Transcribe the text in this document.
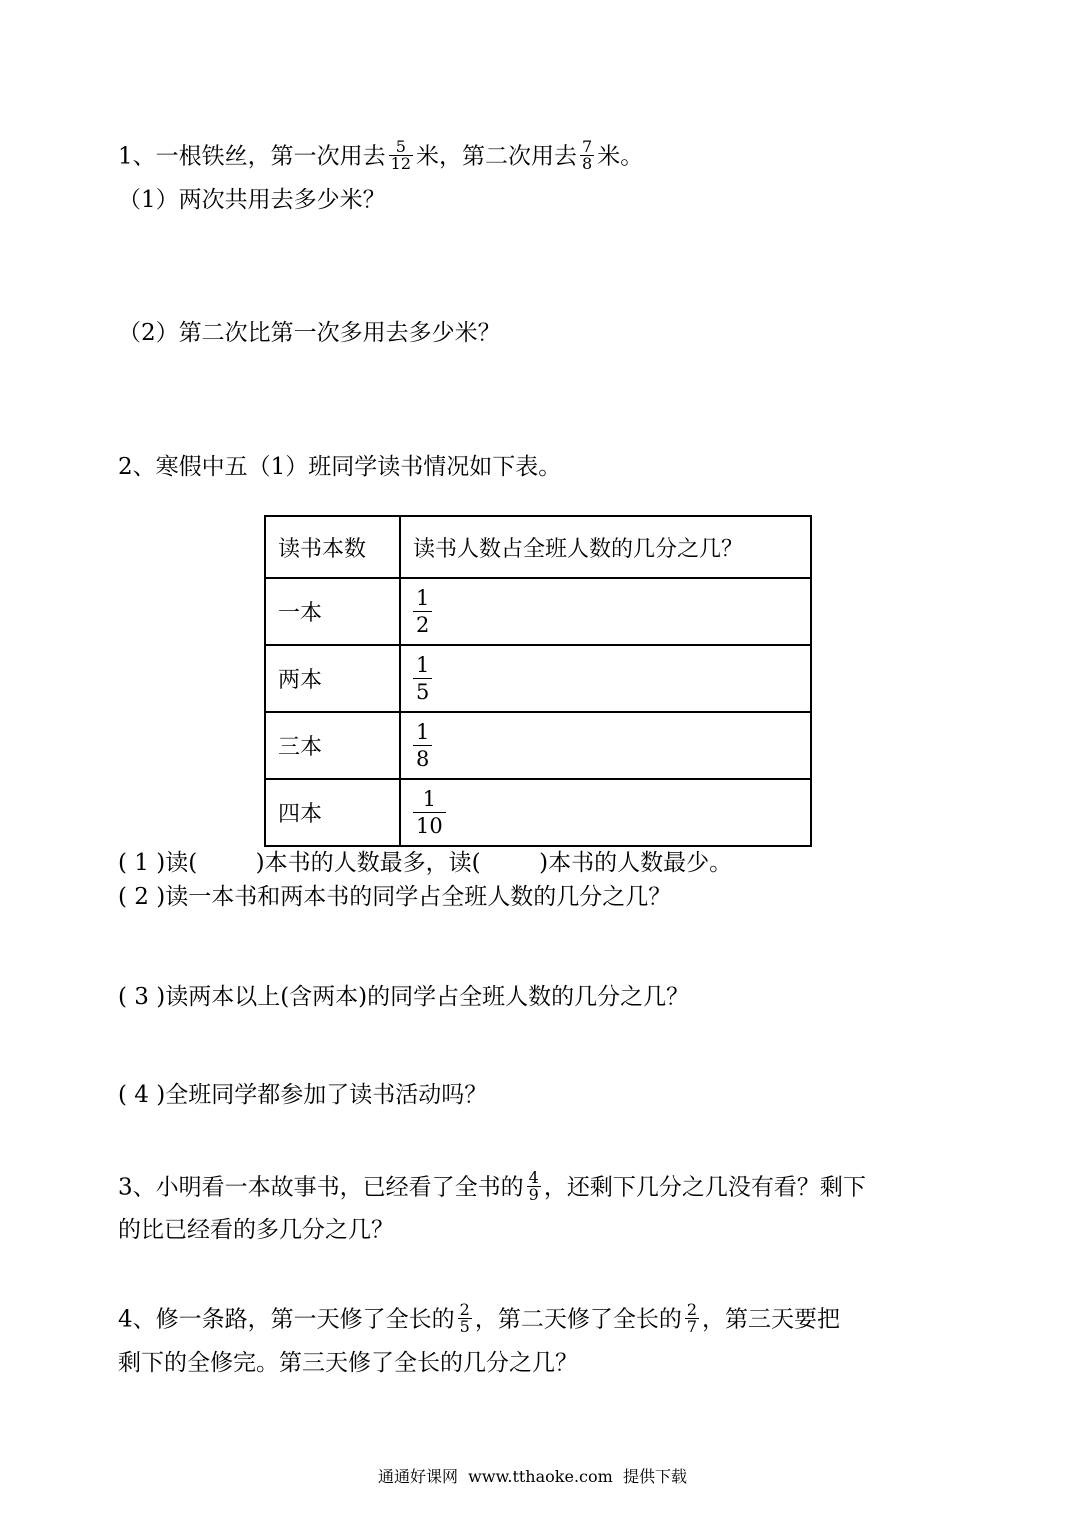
1、一根铁丝，第一次用去 $\frac{5}{12}$ 米，第二次用去 $\frac{7}{8}$ 米。
（1）两次共用去多少米？
（2）第二次比第一次多用去多少米？
2、寒假中五（1）班同学读书情况如下表。
读书本数	读书人数占全班人数的几分之几？
一本	$\frac{1}{2}$

两本	$\frac{1}{5}$

三本	$\frac{1}{8}$

四本	$\frac{1}{10}$
( 1 )读(        )本书的人数最多，读(        )本书的人数最少。
( 2 )读一本书和两本书的同学占全班人数的几分之几？
( 3 )读两本以上(含两本)的同学占全班人数的几分之几？
( 4 )全班同学都参加了读书活动吗？
3、小明看一本故事书，已经看了全书的 $\frac{4}{9}$ ，还剩下几分之几没有看？剩下
的比已经看的多几分之几？
4、修一条路，第一天修了全长的 $\frac{2}{5}$ ，第二天修了全长的 $\frac{2}{7}$ ，第三天要把
剩下的全修完。第三天修了全长的几分之几？
通通好课网  www.tthaoke.com  提供下载
